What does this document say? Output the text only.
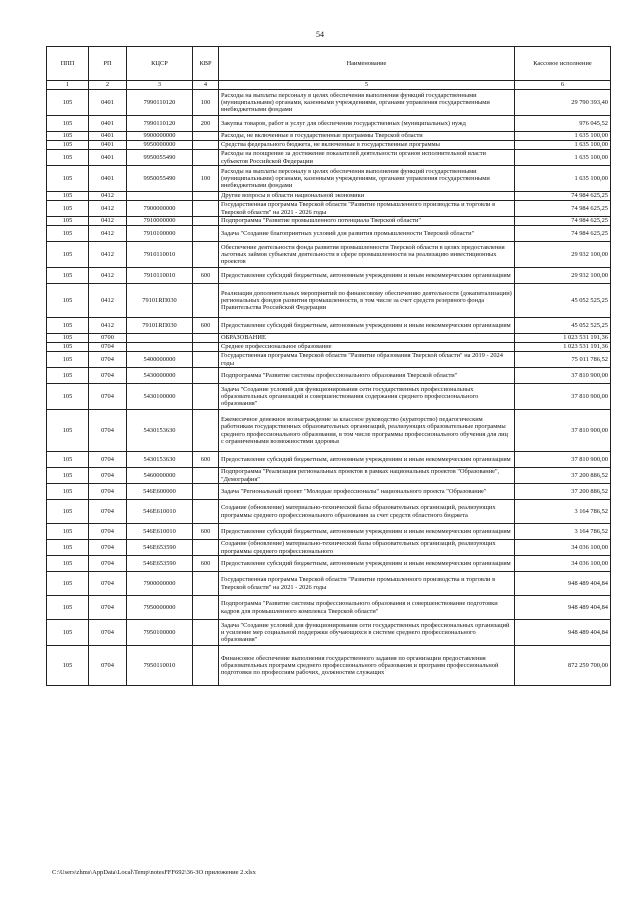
54
ППП	РП	КЦСР	КВР	Наименование	Кассовое исполнение
1	2	3	4	5	6
105	0401	7990110120	100	Расходы на выплаты персоналу в целях обеспечения выполнения функций государственными (муниципальными) органами, казенными учреждениями, органами управления государственными внебюджетными фондами	29 790 393,40
105	0401	7990110120	200	Закупка товаров, работ и услуг для обеспечения государственных (муниципальных) нужд	976 045,52
105	0401	9900000000		Расходы, не включенные в государственные программы Тверской области	1 635 100,00
105	0401	9950000000		Средства федерального бюджета, не включенные в государственные программы	1 635 100,00
105	0401	9950055490		Расходы на поощрение за достижение показателей деятельности органов исполнительной власти субъектов Российской Федерации	1 635 100,00
105	0401	9950055490	100	Расходы на выплаты персоналу в целях обеспечения выполнения функций государственными (муниципальными) органами, казенными учреждениями, органами управления государственными внебюджетными фондами	1 635 100,00
105	0412			Другие вопросы в области национальной экономики	74 984 625,25
105	0412	7900000000		Государственная программа Тверской области "Развитие промышленного производства и торговли в Тверской области" на 2021 - 2026 годы	74 984 625,25
105	0412	7910000000		Подпрограмма "Развитие промышленного потенциала Тверской области"	74 984 625,25
105	0412	7910100000		Задача "Создание благоприятных условий для развития промышленности Тверской области"	74 984 625,25
105	0412	7910110010		Обеспечение деятельности фонда развития промышленности Тверской области в целях предоставления льготных займов субъектам деятельности в сфере промышленности на реализацию инвестиционных проектов	29 932 100,00
105	0412	7910110010	600	Предоставление субсидий бюджетным, автономным учреждениям и иным некоммерческим организациям	29 932 100,00
105	0412	79101RП030		Реализация дополнительных мероприятий по финансовому обеспечению деятельности (докапитализации) региональных фондов развития промышленности, в том числе за счет средств резервного фонда Правительства Российской Федерации	45 052 525,25
105	0412	79101RП030	600	Предоставление субсидий бюджетным, автономным учреждениям и иным некоммерческим организациям	45 052 525,25
105	0700			ОБРАЗОВАНИЕ	1 023 531 191,36
105	0704			Среднее профессиональное образование	1 023 531 191,36
105	0704	5400000000		Государственная программа Тверской области "Развитие образования Тверской области" на 2019 - 2024 годы	75 011 786,52
105	0704	5430000000		Подпрограмма "Развитие системы профессионального образования Тверской области"	37 810 900,00
105	0704	5430100000		Задача "Создание условий для функционирования сети государственных профессиональных образовательных организаций и совершенствования содержания среднего профессионального образования"	37 810 900,00
105	0704	5430153630		Ежемесячное денежное вознаграждение за классное руководство (кураторство) педагогическим работникам государственных образовательных организаций, реализующих образовательные программы среднего профессионального образования, в том числе программы профессионального обучения для лиц с ограниченными возможностями здоровья	37 810 900,00
105	0704	5430153630	600	Предоставление субсидий бюджетным, автономным учреждениям и иным некоммерческим организациям	37 810 900,00
105	0704	5460000000		Подпрограмма "Реализация региональных проектов в рамках национальных проектов "Образование", "Демография"	37 200 886,52
105	0704	546E600000		Задача "Региональный проект "Молодые профессионалы" национального проекта "Образование"	37 200 886,52
105	0704	546E610010		Создание (обновление) материально-технической базы образовательных организаций, реализующих программы среднего профессионального образования за счет средств областного бюджета	3 164 786,52
105	0704	546E610010	600	Предоставление субсидий бюджетным, автономным учреждениям и иным некоммерческим организациям	3 164 786,52
105	0704	546E653590		Создание (обновление) материально-технической базы образовательных организаций, реализующих программы среднего профессионального	34 036 100,00
105	0704	546E653590	600	Предоставление субсидий бюджетным, автономным учреждениям и иным некоммерческим организациям	34 036 100,00
105	0704	7900000000		Государственная программа Тверской области "Развитие промышленного производства и торговли в Тверской области" на 2021 - 2026 годы	948 489 404,84
105	0704	7950000000		Подпрограмма "Развитие системы профессионального образования и совершенствование подготовки кадров для промышленного комплекса Тверской области"	948 489 404,84
105	0704	7950100000		Задача "Создание условий для функционирования сети государственных профессиональных организаций и усиление мер социальной поддержки обучающихся в системе среднего профессионального образования"	948 489 404,84
105	0704	7950110010		Финансовое обеспечение выполнения государственного задания по организации предоставления образовательных программ среднего профессионального образования и программ профессиональной подготовки по профессиям рабочих, должностям служащих	872 259 700,00
C:\Users\zhms\AppData\Local\Temp\notesFFF692\36-ЗО приложение 2.xlsx
